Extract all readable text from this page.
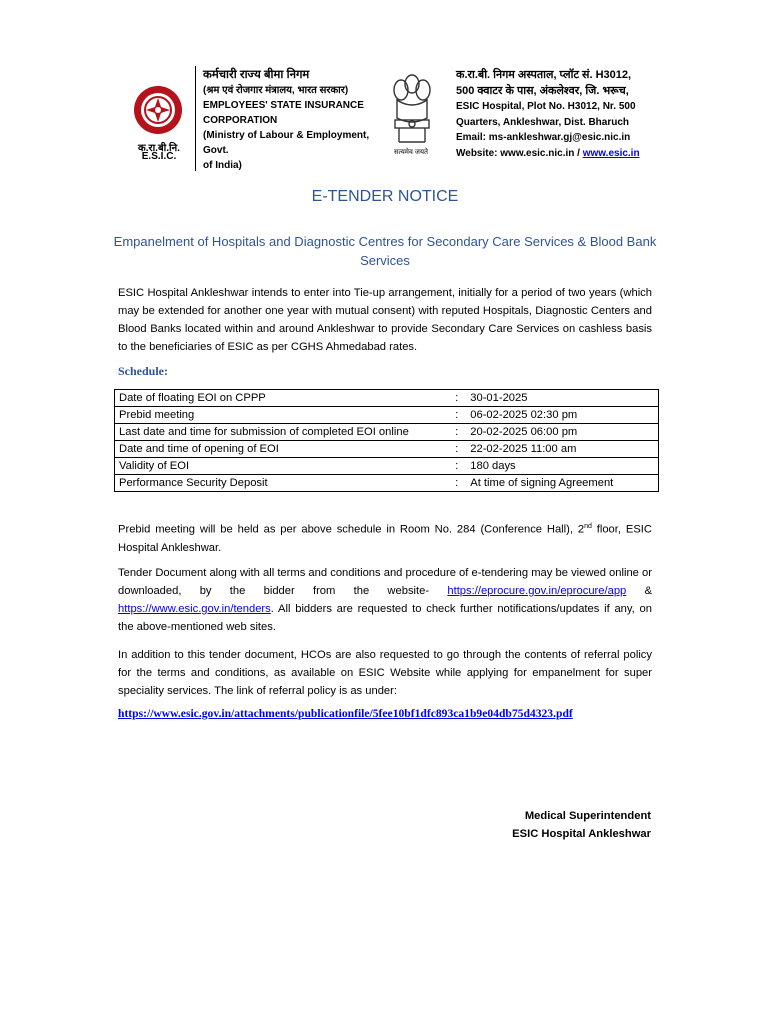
क.रा.बी.नि.
E.S.I.C.
कर्मचारी राज्य बीमा निगम
(श्रम एवं रोजगार मंत्रालय, भारत सरकार)
EMPLOYEES' STATE INSURANCE
CORPORATION
(Ministry of Labour & Employment, Govt.
of India)
सत्यमेव जयते
क.रा.बी. निगम अस्पताल, प्लॉट सं. H3012,
500 क्वाटर के पास, अंकलेश्वर, जि. भरूच,
ESIC Hospital, Plot No. H3012, Nr. 500
Quarters, Ankleshwar, Dist. Bharuch
Email: ms-ankleshwar.gj@esic.nic.in
Website: www.esic.nic.in / www.esic.in
E-TENDER NOTICE
Empanelment of Hospitals and Diagnostic Centres for Secondary Care Services & Blood Bank Services
ESIC Hospital Ankleshwar intends to enter into Tie-up arrangement, initially for a period of two years (which may be extended for another one year with mutual consent) with reputed Hospitals, Diagnostic Centers and Blood Banks located within and around Ankleshwar to provide Secondary Care Services on cashless basis to the beneficiaries of ESIC as per CGHS Ahmedabad rates.
Schedule:
Date of floating EOI on CPPP	:	30-01-2025
Prebid meeting	:	06-02-2025 02:30 pm
Last date and time for submission of completed EOI online	:	20-02-2025 06:00 pm
Date and time of opening of EOI	:	22-02-2025 11:00 am
Validity of EOI	:	180 days
Performance Security Deposit	:	At time of signing Agreement
Prebid meeting will be held as per above schedule in Room No. 284 (Conference Hall), 2nd floor, ESIC Hospital Ankleshwar.
Tender Document along with all terms and conditions and procedure of e-tendering may be viewed online or downloaded, by the bidder from the website- https://eprocure.gov.in/eprocure/app & https://www.esic.gov.in/tenders. All bidders are requested to check further notifications/updates if any, on the above-mentioned web sites.
In addition to this tender document, HCOs are also requested to go through the contents of referral policy for the terms and conditions, as available on ESIC Website while applying for empanelment for super speciality services. The link of referral policy is as under:
https://www.esic.gov.in/attachments/publicationfile/5fee10bf1dfc893ca1b9e04db75d4323.pdf
Medical Superintendent
ESIC Hospital Ankleshwar
